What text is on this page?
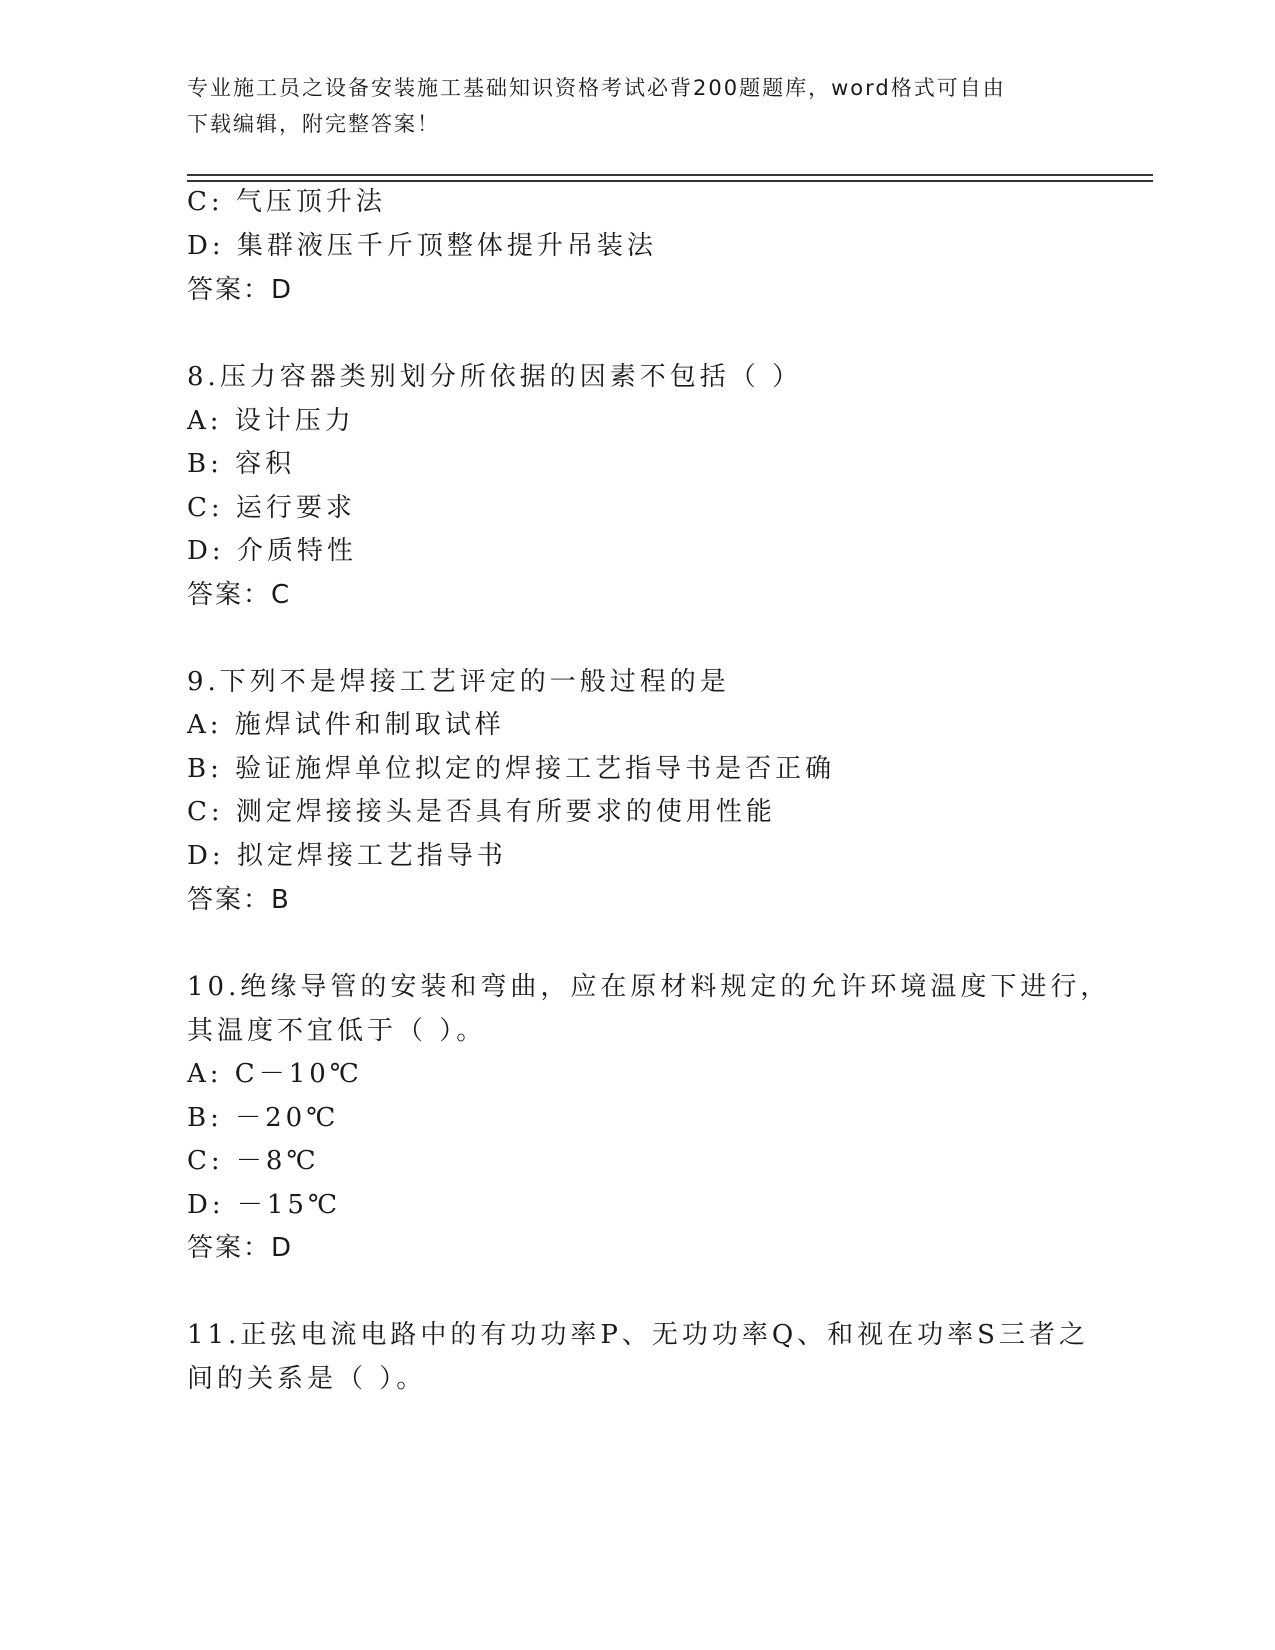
专业施工员之设备安装施工基础知识资格考试必背200题题库，word格式可自由
下载编辑，附完整答案！
C: 气压顶升法
D: 集群液压千斤顶整体提升吊装法
答案：D
8.压力容器类别划分所依据的因素不包括（ ）
A: 设计压力
B: 容积
C: 运行要求
D: 介质特性
答案：C
9.下列不是焊接工艺评定的一般过程的是
A: 施焊试件和制取试样
B: 验证施焊单位拟定的焊接工艺指导书是否正确
C: 测定焊接接头是否具有所要求的使用性能
D: 拟定焊接工艺指导书
答案：B
10.绝缘导管的安装和弯曲，应在原材料规定的允许环境温度下进行，
其温度不宜低于（ ）。
A: C－10℃
B: －20℃
C: －8℃
D: －15℃
答案：D
11.正弦电流电路中的有功功率P、无功功率Q、和视在功率S三者之
间的关系是（ ）。
